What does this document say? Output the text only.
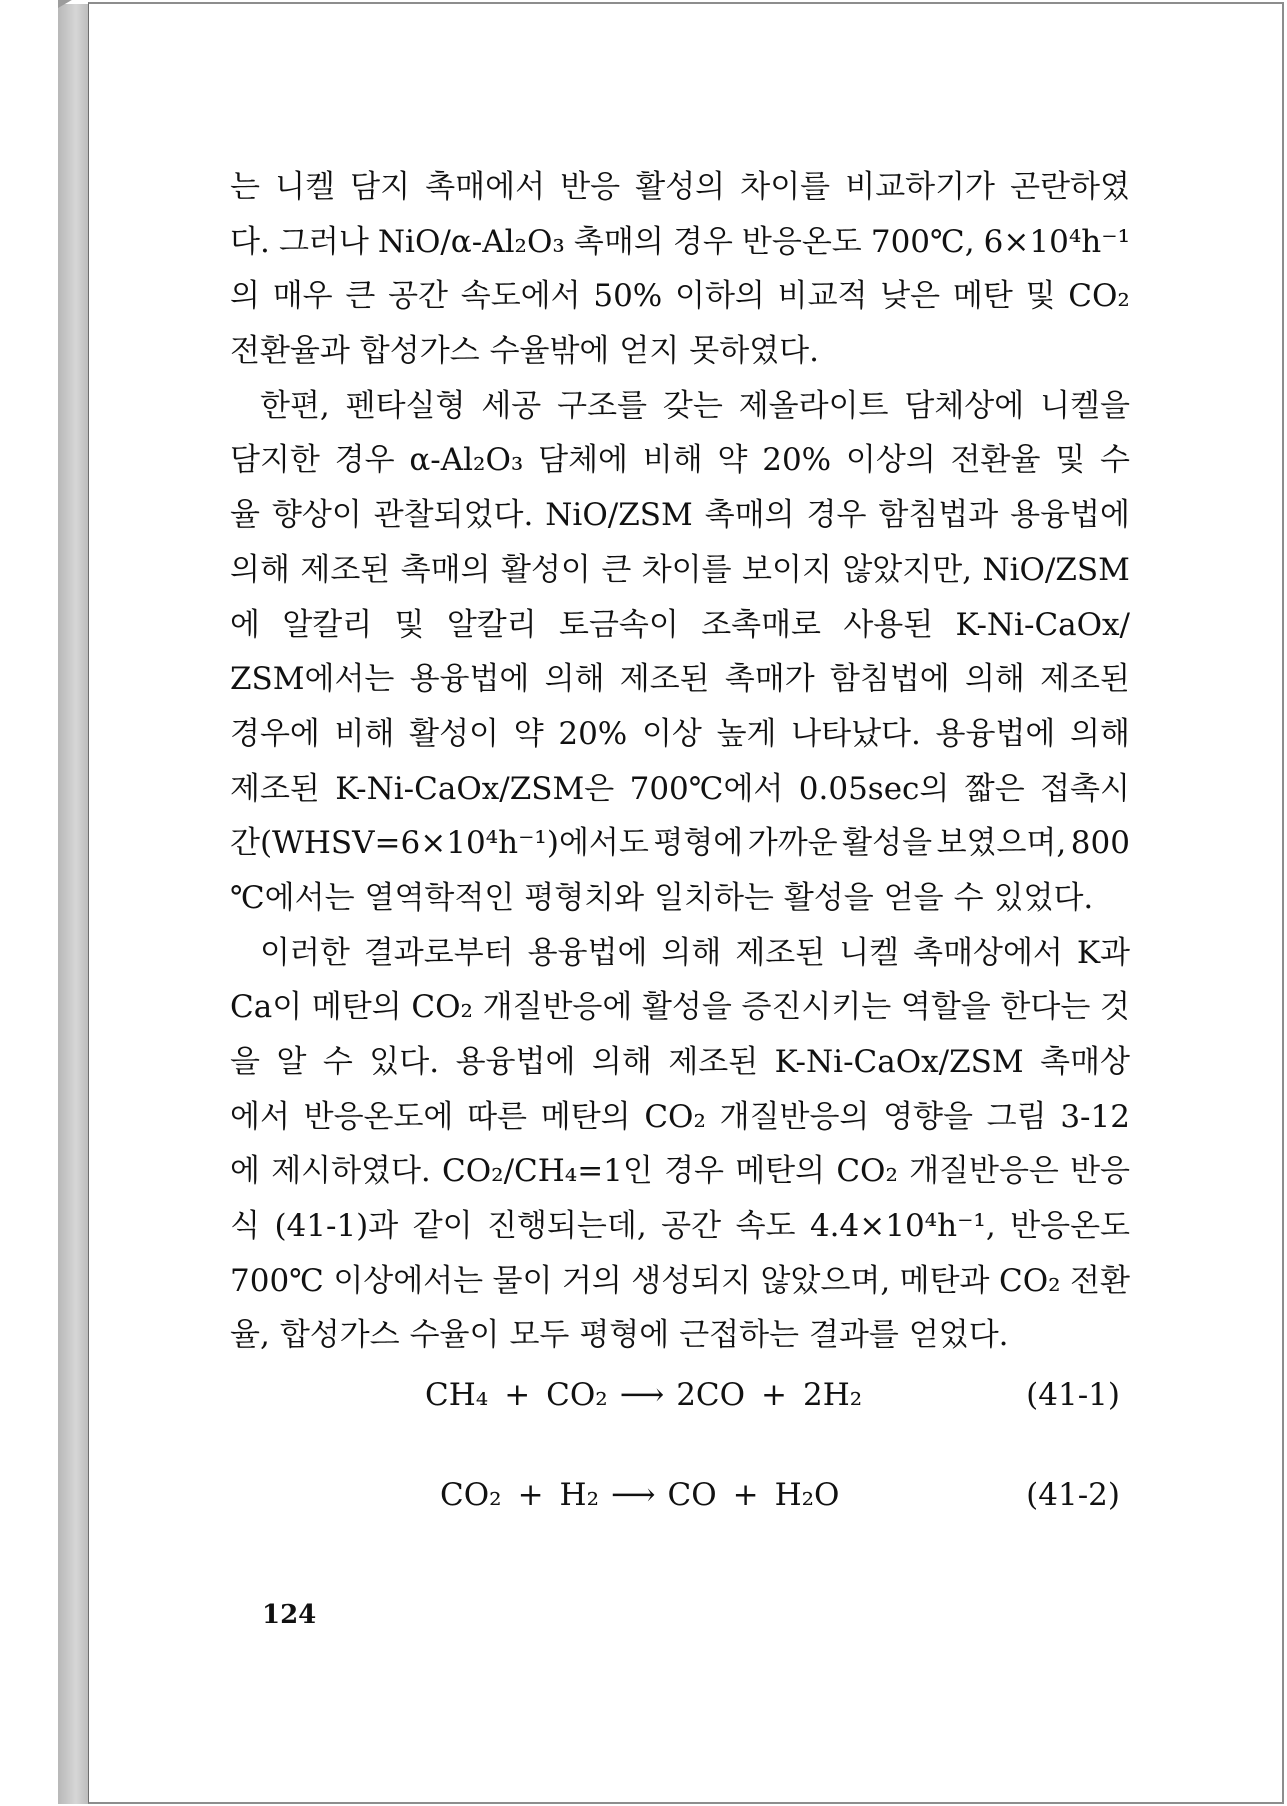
는 니켈 담지 촉매에서 반응 활성의 차이를 비교하기가 곤란하였
다. 그러나 NiO/α-Al₂O₃ 촉매의 경우 반응온도 700℃, 6×10⁴h⁻¹
의 매우 큰 공간 속도에서 50% 이하의 비교적 낮은 메탄 및 CO₂
전환율과 합성가스 수율밖에 얻지 못하였다.
한편, 펜타실형 세공 구조를 갖는 제올라이트 담체상에 니켈을
담지한 경우 α-Al₂O₃ 담체에 비해 약 20% 이상의 전환율 및 수
율 향상이 관찰되었다. NiO/ZSM 촉매의 경우 함침법과 용융법에
의해 제조된 촉매의 활성이 큰 차이를 보이지 않았지만, NiO/ZSM
에 알칼리 및 알칼리 토금속이 조촉매로 사용된 K-Ni-CaOx/
ZSM에서는 용융법에 의해 제조된 촉매가 함침법에 의해 제조된
경우에 비해 활성이 약 20% 이상 높게 나타났다. 용융법에 의해
제조된 K-Ni-CaOx/ZSM은 700℃에서 0.05sec의 짧은 접촉시
간(WHSV=6×10⁴h⁻¹)에서도 평형에 가까운 활성을 보였으며, 800
℃에서는 열역학적인 평형치와 일치하는 활성을 얻을 수 있었다.
이러한 결과로부터 용융법에 의해 제조된 니켈 촉매상에서 K과
Ca이 메탄의 CO₂ 개질반응에 활성을 증진시키는 역할을 한다는 것
을 알 수 있다. 용융법에 의해 제조된 K-Ni-CaOx/ZSM 촉매상
에서 반응온도에 따른 메탄의 CO₂ 개질반응의 영향을 그림 3-12
에 제시하였다. CO₂/CH₄=1인 경우 메탄의 CO₂ 개질반응은 반응
식 (41-1)과 같이 진행되는데, 공간 속도 4.4×10⁴h⁻¹, 반응온도
700℃ 이상에서는 물이 거의 생성되지 않았으며, 메탄과 CO₂ 전환
율, 합성가스 수율이 모두 평형에 근접하는 결과를 얻었다.
CH₄ + CO₂ ⟶ 2CO + 2H₂	(41-1)
CO₂ + H₂ ⟶ CO + H₂O	(41-2)
124
